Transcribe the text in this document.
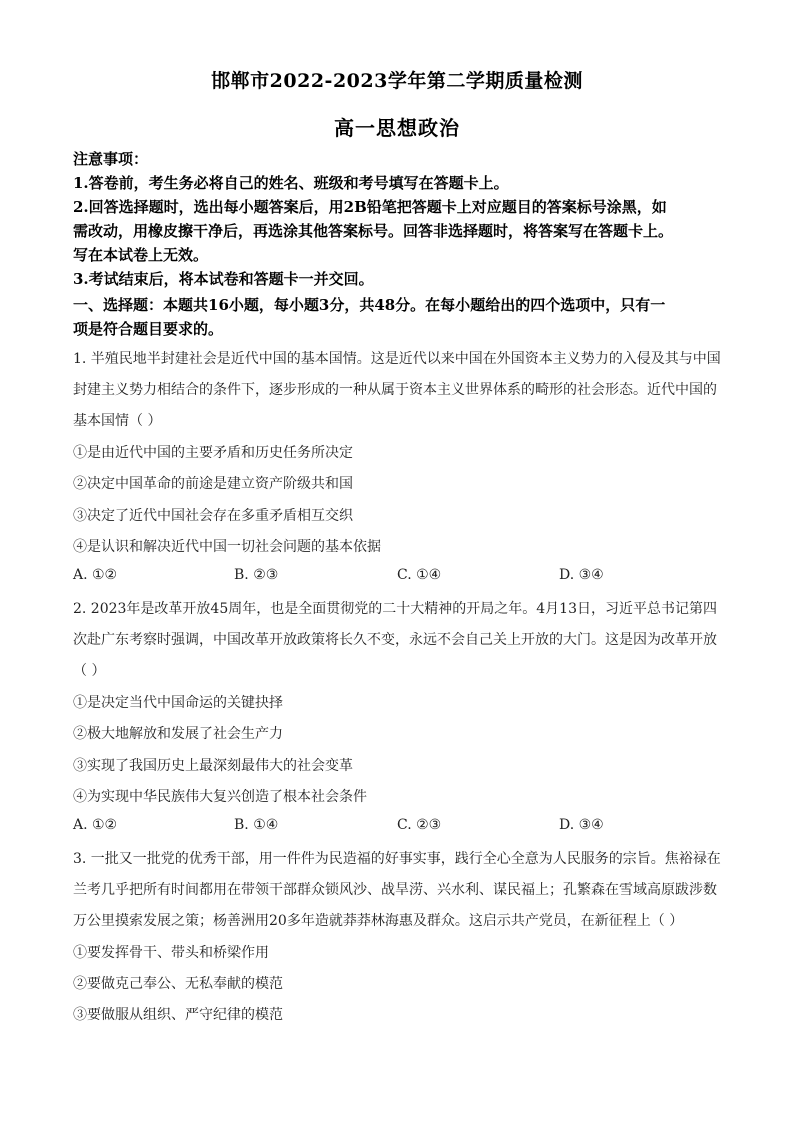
邯郸市2022-2023学年第二学期质量检测
高一思想政治
注意事项：
1.答卷前，考生务必将自己的姓名、班级和考号填写在答题卡上。
2.回答选择题时，选出每小题答案后，用2B铅笔把答题卡上对应题目的答案标号涂黑，如
需改动，用橡皮擦干净后，再选涂其他答案标号。回答非选择题时，将答案写在答题卡上。
写在本试卷上无效。
3.考试结束后，将本试卷和答题卡一并交回。
一、选择题：本题共16小题，每小题3分，共48分。在每小题给出的四个选项中，只有一
项是符合题目要求的。
1. 半殖民地半封建社会是近代中国的基本国情。这是近代以来中国在外国资本主义势力的入侵及其与中国
封建主义势力相结合的条件下，逐步形成的一种从属于资本主义世界体系的畸形的社会形态。近代中国的
基本国情（ ）
①是由近代中国的主要矛盾和历史任务所决定
②决定中国革命的前途是建立资产阶级共和国
③决定了近代中国社会存在多重矛盾相互交织
④是认识和解决近代中国一切社会问题的基本依据
A. ①②	B. ②③	C. ①④	D. ③④
2. 2023年是改革开放45周年，也是全面贯彻党的二十大精神的开局之年。4月13日，习近平总书记第四
次赴广东考察时强调，中国改革开放政策将长久不变，永远不会自己关上开放的大门。这是因为改革开放
（ ）
①是决定当代中国命运的关键抉择
②极大地解放和发展了社会生产力
③实现了我国历史上最深刻最伟大的社会变革
④为实现中华民族伟大复兴创造了根本社会条件
A. ①②	B. ①④	C. ②③	D. ③④
3. 一批又一批党的优秀干部，用一件件为民造福的好事实事，践行全心全意为人民服务的宗旨。焦裕禄在
兰考几乎把所有时间都用在带领干部群众锁风沙、战旱涝、兴水利、谋民福上；孔繁森在雪域高原跋涉数
万公里摸索发展之策；杨善洲用20多年造就莽莽林海惠及群众。这启示共产党员，在新征程上（ ）
①要发挥骨干、带头和桥梁作用
②要做克己奉公、无私奉献的模范
③要做服从组织、严守纪律的模范
